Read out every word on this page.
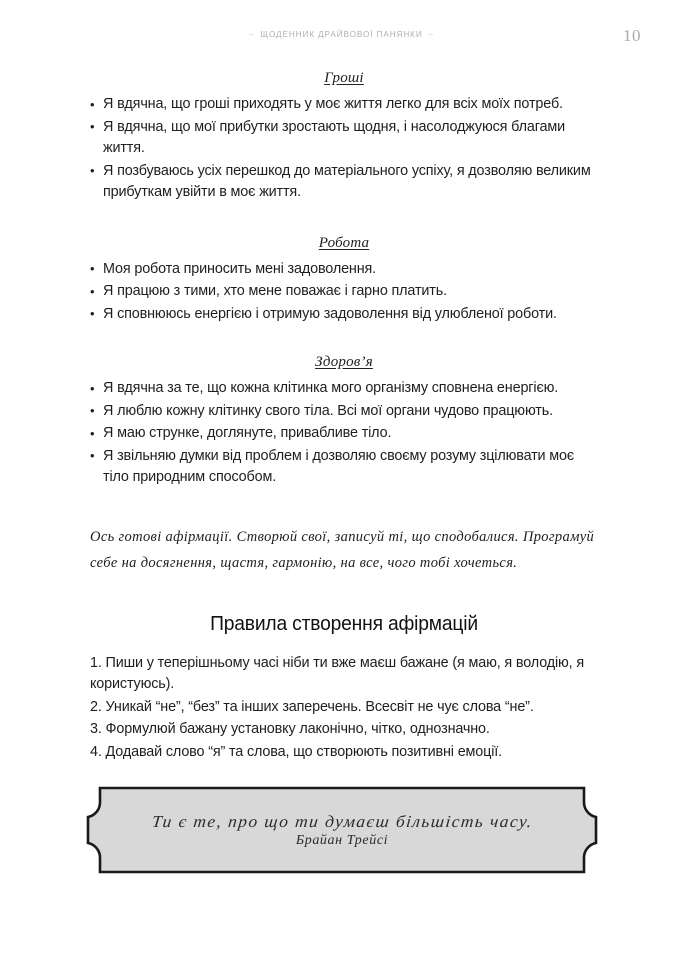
– ЩОДЕННИК ДРАЙВОВОЇ ПАНЯНКИ –	10
Гроші
• Я вдячна, що гроші приходять у моє життя легко для всіх моїх потреб.
• Я вдячна, що мої прибутки зростають щодня, і насолоджуюся благами життя.
• Я позбуваюсь усіх перешкод до матеріального успіху, я дозволяю великим прибуткам увійти в моє життя.
Робота
• Моя робота приносить мені задоволення.
• Я працюю з тими, хто мене поважає і гарно платить.
• Я сповнююсь енергією і отримую задоволення від улюбленої роботи.
Здоров’я
• Я вдячна за те, що кожна клітинка мого організму сповнена енергією.
• Я люблю кожну клітинку свого тіла. Всі мої органи чудово працюють.
• Я маю струнке, доглянуте, привабливе тіло.
• Я звільняю думки від проблем і дозволяю своєму розуму зцілювати моє тіло природним способом.

Ось готові афірмації. Створюй свої, записуй ті, що сподобалися. Програмуй себе на досягнення, щастя, гармонію, на все, чого тобі хочеться.

Правила створення афірмацій
1. Пиши у теперішньому часі ніби ти вже маєш бажане (я маю, я володію, я користуюсь).
2. Уникай “не”, “без” та інших заперечень. Всесвіт не чує слова “не”.
3. Формулюй бажану установку лаконічно, чітко, однозначно.
4. Додавай слово “я” та слова, що створюють позитивні емоції.
Ти є те, про що ти думаєш більшість часу.
Брайан Трейсі
